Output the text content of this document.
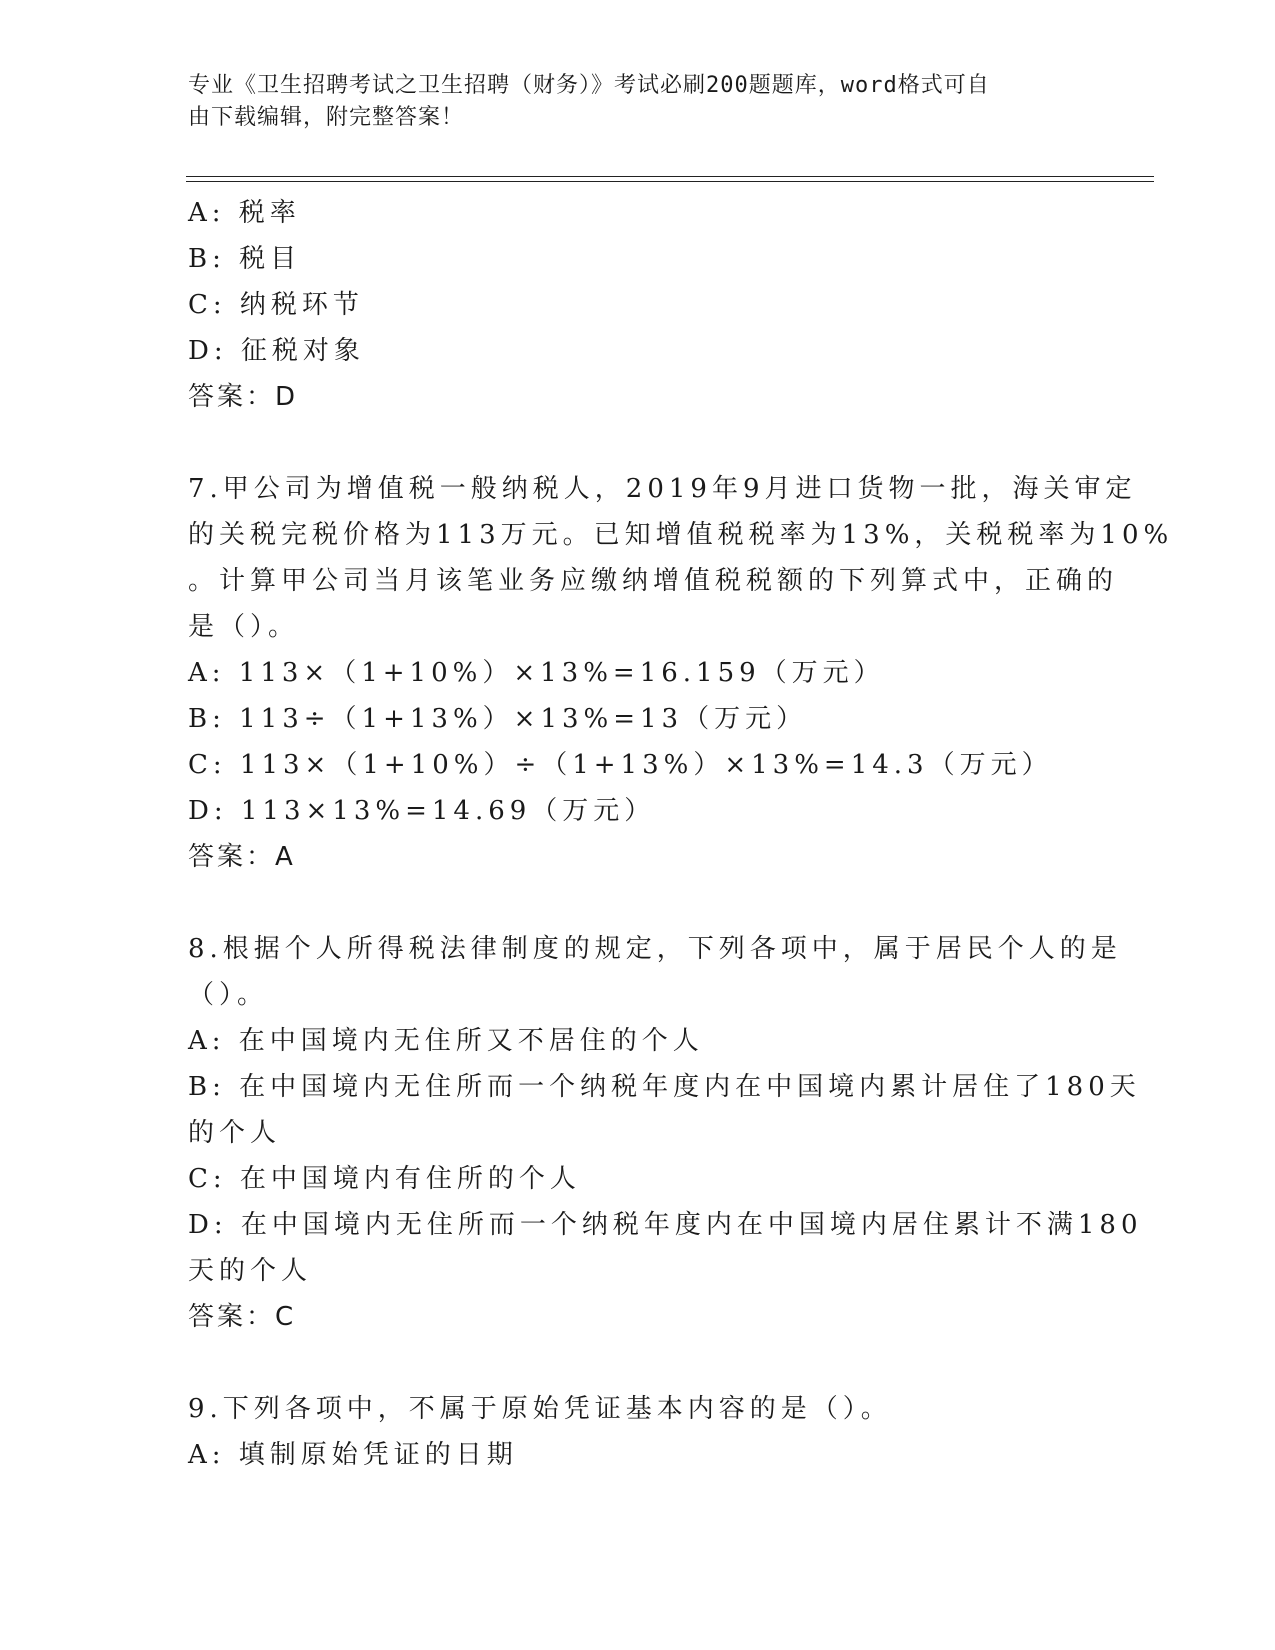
专业《卫生招聘考试之卫生招聘（财务）》考试必刷200题题库，word格式可自
由下载编辑，附完整答案！
A: 税率
B: 税目
C: 纳税环节
D: 征税对象
答案：D
7.甲公司为增值税一般纳税人，2019年9月进口货物一批，海关审定
的关税完税价格为113万元。已知增值税税率为13%，关税税率为10%
。计算甲公司当月该笔业务应缴纳增值税税额的下列算式中，正确的
是（）。
A: 113×（1+10%）×13%=16.159（万元）
B: 113÷（1+13%）×13%=13（万元）
C: 113×（1+10%）÷（1+13%）×13%=14.3（万元）
D: 113×13%=14.69（万元）
答案：A
8.根据个人所得税法律制度的规定，下列各项中，属于居民个人的是
（）。
A: 在中国境内无住所又不居住的个人
B: 在中国境内无住所而一个纳税年度内在中国境内累计居住了180天
的个人
C: 在中国境内有住所的个人
D: 在中国境内无住所而一个纳税年度内在中国境内居住累计不满180
天的个人
答案：C
9.下列各项中，不属于原始凭证基本内容的是（）。
A: 填制原始凭证的日期
